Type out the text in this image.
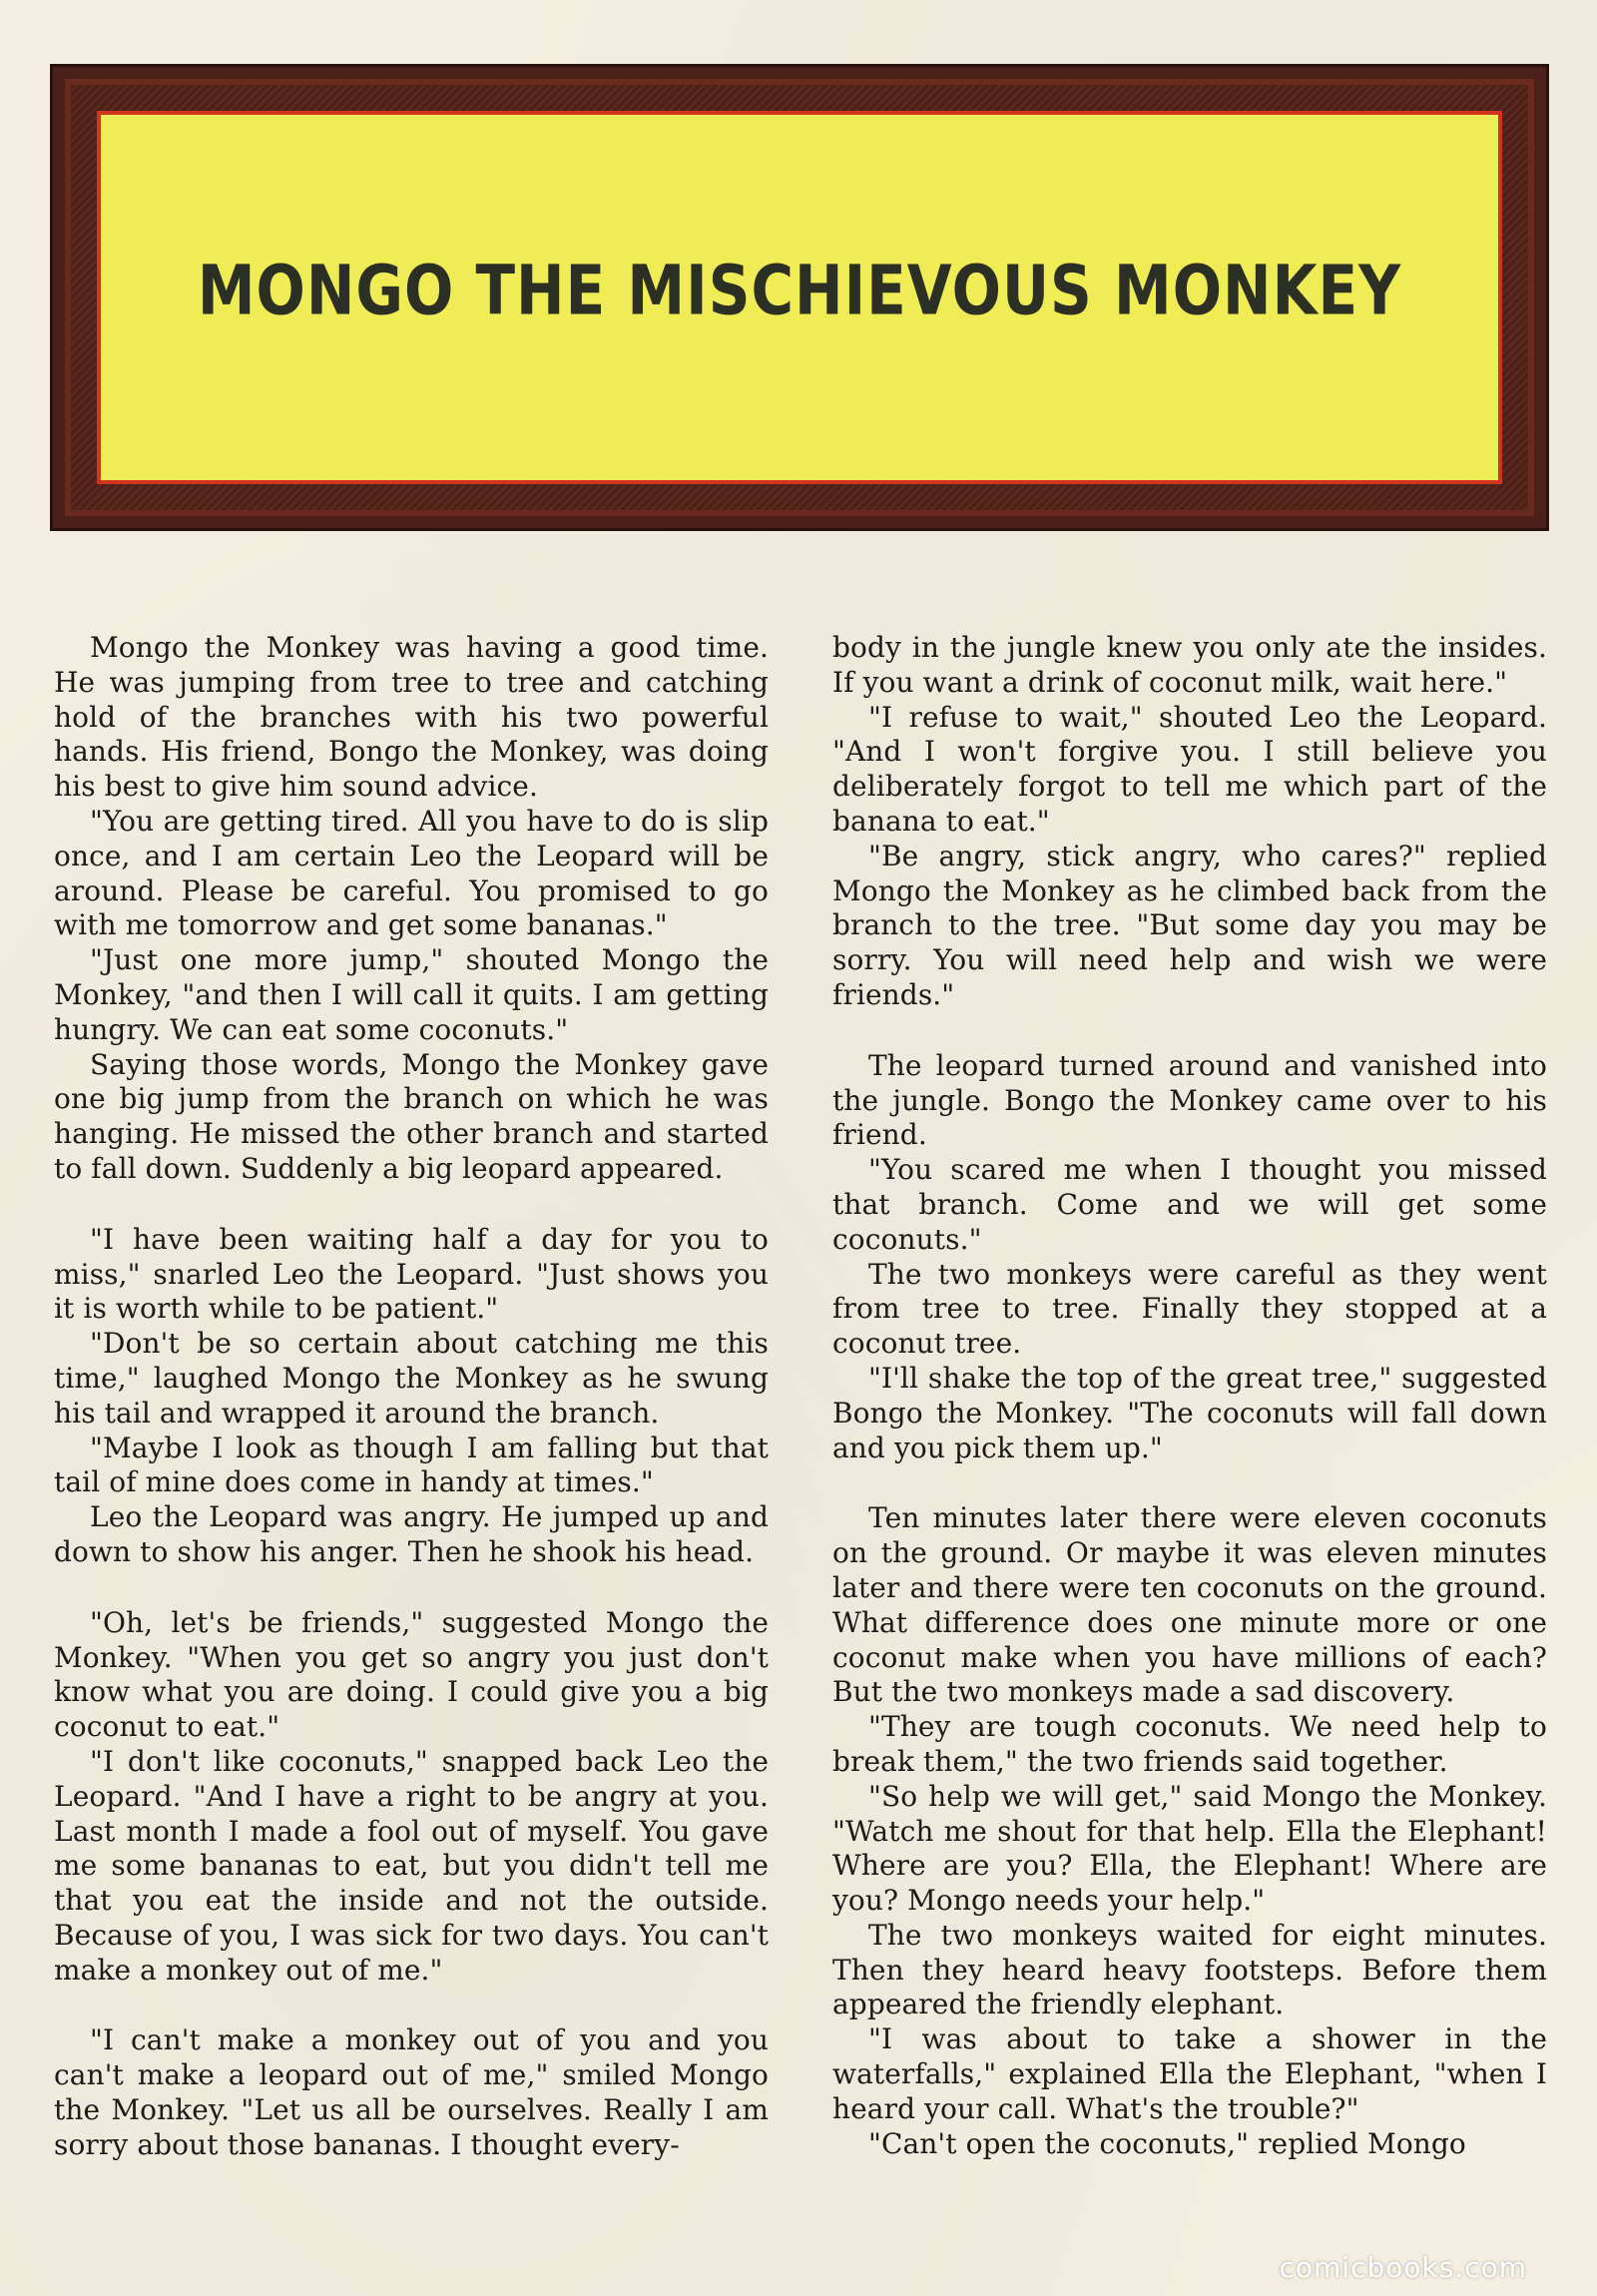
MONGO THE MISCHIEVOUS MONKEY

Mongo the Monkey was having a good time. He was jumping from tree to tree and catching hold of the branches with his two powerful hands. His friend, Bongo the Monkey, was doing his best to give him sound advice.

"You are getting tired. All you have to do is slip once, and I am certain Leo the Leopard will be around. Please be careful. You promised to go with me tomorrow and get some bananas."

"Just one more jump," shouted Mongo the Monkey, "and then I will call it quits. I am getting hungry. We can eat some coconuts."

Saying those words, Mongo the Monkey gave one big jump from the branch on which he was hanging. He missed the other branch and started to fall down. Suddenly a big leopard appeared.

"I have been waiting half a day for you to miss," snarled Leo the Leopard. "Just shows you it is worth while to be patient."

"Don't be so certain about catching me this time," laughed Mongo the Monkey as he swung his tail and wrapped it around the branch.

"Maybe I look as though I am falling but that tail of mine does come in handy at times."

Leo the Leopard was angry. He jumped up and down to show his anger. Then he shook his head.

"Oh, let's be friends," suggested Mongo the Monkey. "When you get so angry you just don't know what you are doing. I could give you a big coconut to eat."

"I don't like coconuts," snapped back Leo the Leopard. "And I have a right to be angry at you. Last month I made a fool out of myself. You gave me some bananas to eat, but you didn't tell me that you eat the inside and not the outside. Because of you, I was sick for two days. You can't make a monkey out of me."

"I can't make a monkey out of you and you can't make a leopard out of me," smiled Mongo the Monkey. "Let us all be ourselves. Really I am sorry about those bananas. I thought every-

body in the jungle knew you only ate the insides. If you want a drink of coconut milk, wait here."

"I refuse to wait," shouted Leo the Leopard. "And I won't forgive you. I still believe you deliberately forgot to tell me which part of the banana to eat."

"Be angry, stick angry, who cares?" replied Mongo the Monkey as he climbed back from the branch to the tree. "But some day you may be sorry. You will need help and wish we were friends."

The leopard turned around and vanished into the jungle. Bongo the Monkey came over to his friend.

"You scared me when I thought you missed that branch. Come and we will get some coconuts."

The two monkeys were careful as they went from tree to tree. Finally they stopped at a coconut tree.

"I'll shake the top of the great tree," suggested Bongo the Monkey. "The coconuts will fall down and you pick them up."

Ten minutes later there were eleven coconuts on the ground. Or maybe it was eleven minutes later and there were ten coconuts on the ground. What difference does one minute more or one coconut make when you have millions of each? But the two monkeys made a sad discovery.

"They are tough coconuts. We need help to break them," the two friends said together.

"So help we will get," said Mongo the Monkey. "Watch me shout for that help. Ella the Elephant! Where are you? Ella, the Elephant! Where are you? Mongo needs your help."

The two monkeys waited for eight minutes. Then they heard heavy footsteps. Before them appeared the friendly elephant.

"I was about to take a shower in the waterfalls," explained Ella the Elephant, "when I heard your call. What's the trouble?"

"Can't open the coconuts," replied Mongo

comicbooks.com
